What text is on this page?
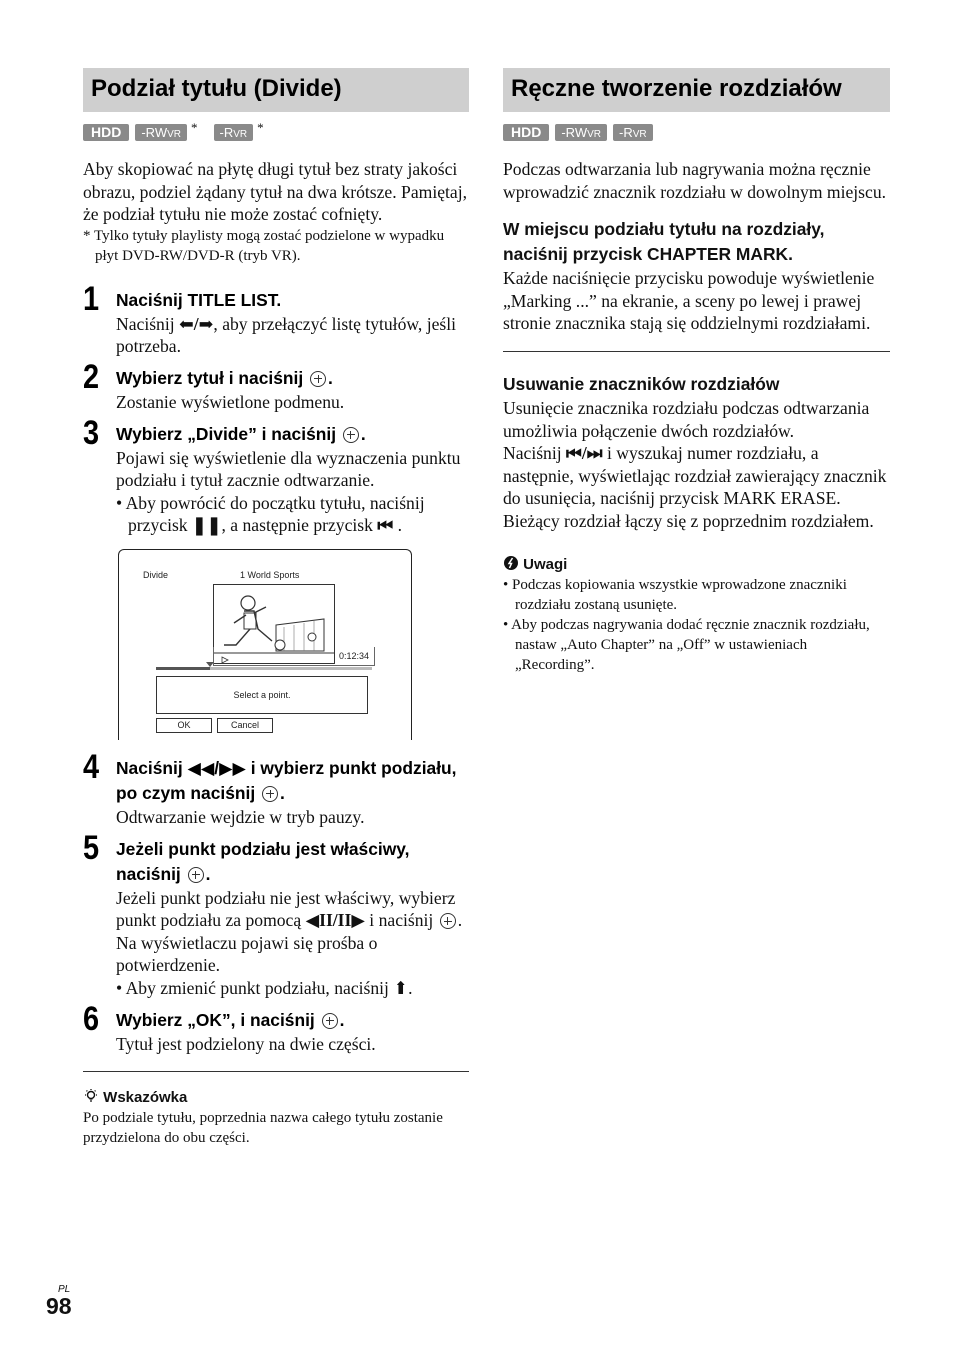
Podział tytułu (Divide)
HDD	-RWVR *	-RVR *
Aby skopiować na płytę długi tytuł bez straty jakości obrazu, podziel żądany tytuł na dwa krótsze. Pamiętaj, że podział tytułu nie może zostać cofnięty.
* Tylko tytuły playlisty mogą zostać podzielone w wypadku płyt DVD-RW/DVD-R (tryb VR).
1 Naciśnij TITLE LIST.
Naciśnij ⬅/➡, aby przełączyć listę tytułów, jeśli potrzeba.
2 Wybierz tytuł i naciśnij .
Zostanie wyświetlone podmenu.
3 Wybierz „Divide” i naciśnij .
Pojawi się wyświetlenie dla wyznaczenia punktu podziału i tytuł zacznie odtwarzanie.
• Aby powrócić do początku tytułu, naciśnij przycisk ❚❚, a następnie przycisk ⏮ .
Divide	1 World Sports
0:12:34
Select a point.
OK	Cancel
4 Naciśnij ◀◀/▶▶ i wybierz punkt podziału, po czym naciśnij .
Odtwarzanie wejdzie w tryb pauzy.
5 Jeżeli punkt podziału jest właściwy, naciśnij .
Jeżeli punkt podziału nie jest właściwy, wybierz punkt podziału za pomocą ◀II/II▶ i naciśnij . Na wyświetlaczu pojawi się prośba o potwierdzenie.
• Aby zmienić punkt podziału, naciśnij ⬆.
6 Wybierz „OK”, i naciśnij .
Tytuł jest podzielony na dwie części.
Wskazówka
Po podziale tytułu, poprzednia nazwa całego tytułu zostanie przydzielona do obu części.
Ręczne tworzenie rozdziałów
HDD	-RWVR	-RVR
Podczas odtwarzania lub nagrywania można ręcznie wprowadzić znacznik rozdziału w dowolnym miejscu.
W miejscu podziału tytułu na rozdziały, naciśnij przycisk CHAPTER MARK.
Każde naciśnięcie przycisku powoduje wyświetlenie „Marking ...” na ekranie, a sceny po lewej i prawej stronie znacznika stają się oddzielnymi rozdziałami.
Usuwanie znaczników rozdziałów
Usunięcie znacznika rozdziału podczas odtwarzania umożliwia połączenie dwóch rozdziałów.
Naciśnij ⏮/⏭ i wyszukaj numer rozdziału, a następnie, wyświetlając rozdział zawierający znacznik do usunięcia, naciśnij przycisk MARK ERASE.
Bieżący rozdział łączy się z poprzednim rozdziałem.
Uwagi
• Podczas kopiowania wszystkie wprowadzone znaczniki rozdziału zostaną usunięte.
• Aby podczas nagrywania dodać ręcznie znacznik rozdziału, nastaw „Auto Chapter” na „Off” w ustawieniach „Recording”.
PL
98
